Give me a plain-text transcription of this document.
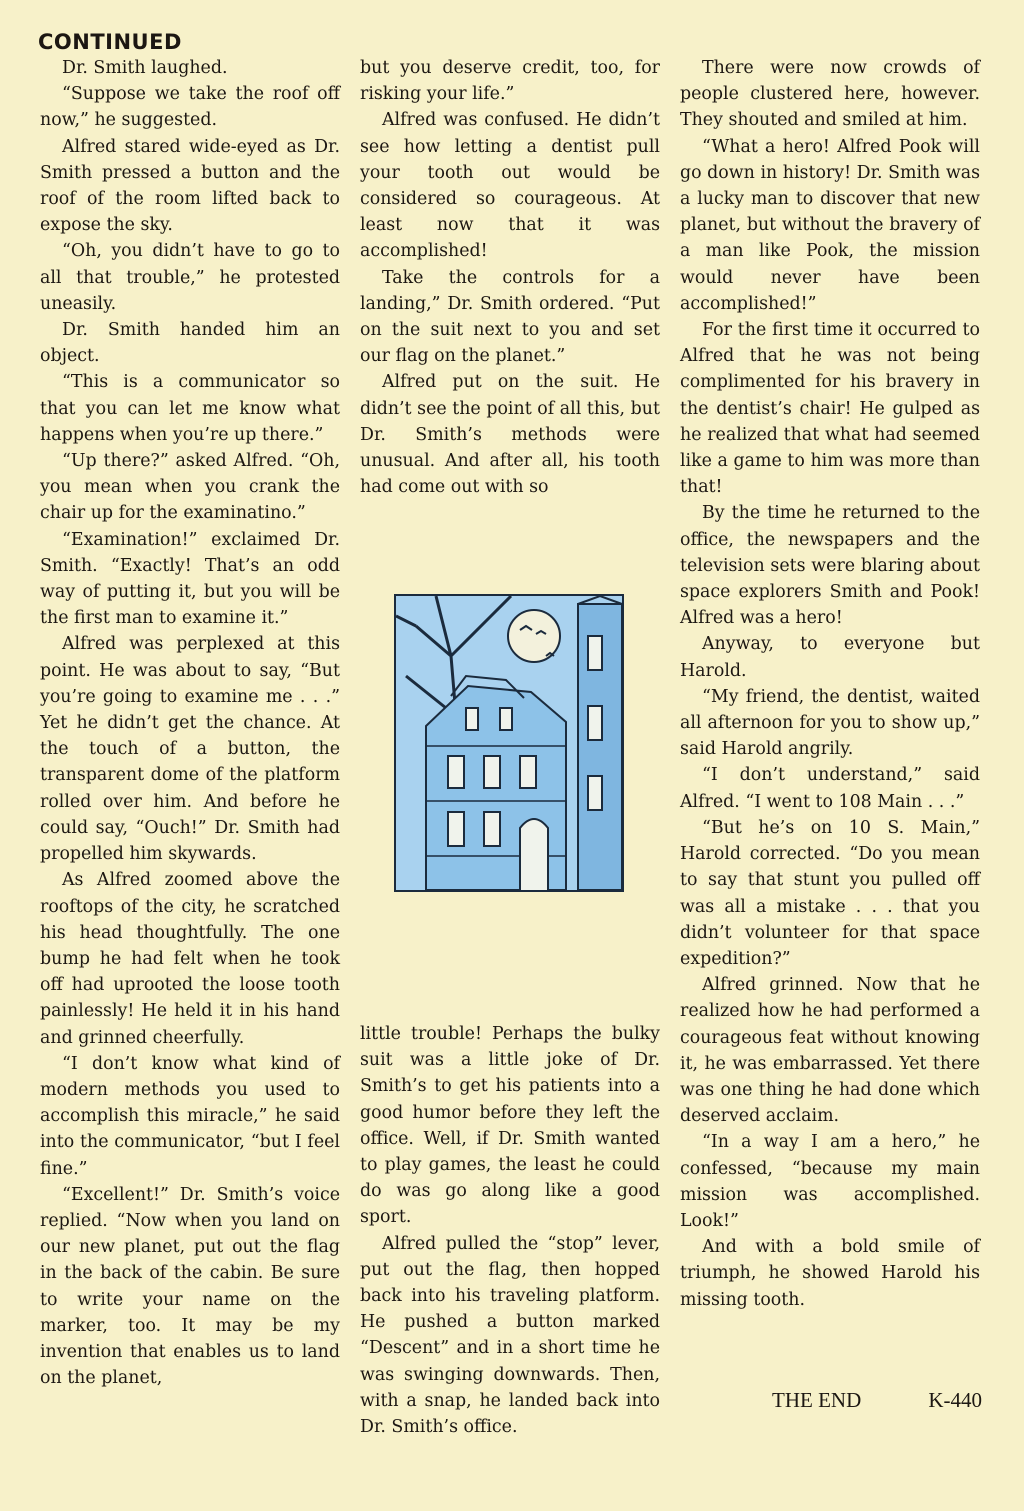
CONTINUED

Dr. Smith laughed.

“Suppose we take the roof off now,” he suggested.

Alfred stared wide-eyed as Dr. Smith pressed a button and the roof of the room lifted back to expose the sky.

“Oh, you didn’t have to go to all that trouble,” he protested uneasily.

Dr. Smith handed him an object.

“This is a communicator so that you can let me know what happens when you’re up there.”

“Up there?” asked Alfred. “Oh, you mean when you crank the chair up for the examinatino.”

“Examination!” exclaimed Dr. Smith. “Exactly! That’s an odd way of putting it, but you will be the first man to examine it.”

Alfred was perplexed at this point. He was about to say, “But you’re going to examine me . . .” Yet he didn’t get the chance. At the touch of a button, the transparent dome of the platform rolled over him. And before he could say, “Ouch!” Dr. Smith had propelled him skywards.

As Alfred zoomed above the rooftops of the city, he scratched his head thoughtfully. The one bump he had felt when he took off had uprooted the loose tooth painlessly! He held it in his hand and grinned cheerfully.

“I don’t know what kind of modern methods you used to accomplish this miracle,” he said into the communicator, “but I feel fine.”

“Excellent!” Dr. Smith’s voice replied. “Now when you land on our new planet, put out the flag in the back of the cabin. Be sure to write your name on the marker, too. It may be my invention that enables us to land on the planet,

but you deserve credit, too, for risking your life.”

Alfred was confused. He didn’t see how letting a dentist pull your tooth out would be considered so courageous. At least now that it was accomplished!

Take the controls for a landing,” Dr. Smith ordered. “Put on the suit next to you and set our flag on the planet.”

Alfred put on the suit. He didn’t see the point of all this, but Dr. Smith’s methods were unusual. And after all, his tooth had come out with so

little trouble! Perhaps the bulky suit was a little joke of Dr. Smith’s to get his patients into a good humor before they left the office. Well, if Dr. Smith wanted to play games, the least he could do was go along like a good sport.

Alfred pulled the “stop” lever, put out the flag, then hopped back into his traveling platform. He pushed a button marked “Descent” and in a short time he was swinging downwards. Then, with a snap, he landed back into Dr. Smith’s office.

There were now crowds of people clustered here, however. They shouted and smiled at him.

“What a hero! Alfred Pook will go down in history! Dr. Smith was a lucky man to discover that new planet, but without the bravery of a man like Pook, the mission would never have been accomplished!”

For the first time it occurred to Alfred that he was not being complimented for his bravery in the dentist’s chair! He gulped as he realized that what had seemed like a game to him was more than that!

By the time he returned to the office, the newspapers and the television sets were blaring about space explorers Smith and Pook! Alfred was a hero!

Anyway, to everyone but Harold.

“My friend, the dentist, waited all afternoon for you to show up,” said Harold angrily.

“I don’t understand,” said Alfred. “I went to 108 Main . . .”

“But he’s on 10 S. Main,” Harold corrected. “Do you mean to say that stunt you pulled off was all a mistake . . . that you didn’t volunteer for that space expedition?”

Alfred grinned. Now that he realized how he had performed a courageous feat without knowing it, he was embarrassed. Yet there was one thing he had done which deserved acclaim.

“In a way I am a hero,” he confessed, “because my main mission was accomplished. Look!”

And with a bold smile of triumph, he showed Harold his missing tooth.

THE END	K-440
